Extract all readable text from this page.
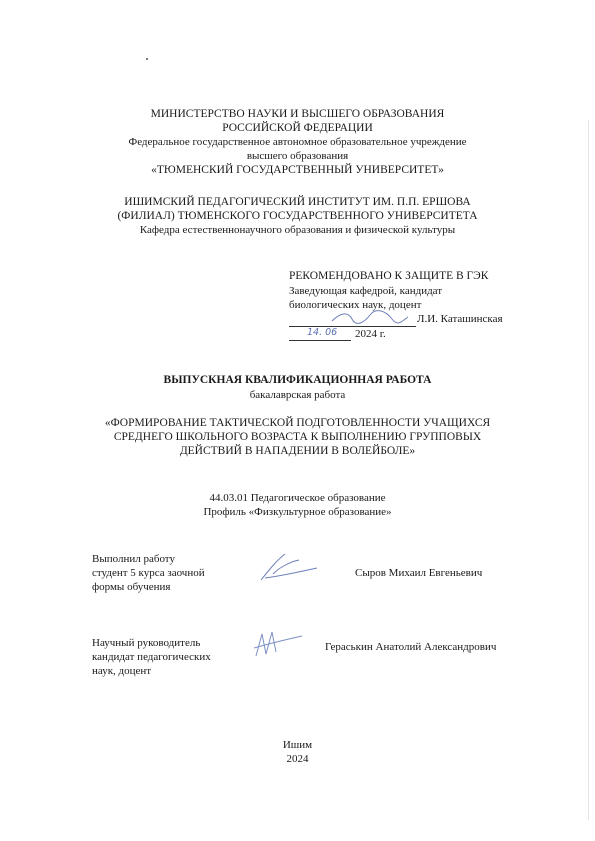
МИНИСТЕРСТВО НАУКИ И ВЫСШЕГО ОБРАЗОВАНИЯ
РОССИЙСКОЙ ФЕДЕРАЦИИ
Федеральное государственное автономное образовательное учреждение
высшего образования
«ТЮМЕНСКИЙ ГОСУДАРСТВЕННЫЙ УНИВЕРСИТЕТ»
ИШИМСКИЙ ПЕДАГОГИЧЕСКИЙ ИНСТИТУТ ИМ. П.П. ЕРШОВА
(ФИЛИАЛ) ТЮМЕНСКОГО ГОСУДАРСТВЕННОГО УНИВЕРСИТЕТА
Кафедра естественнонаучного образования и физической культуры
РЕКОМЕНДОВАНО К ЗАЩИТЕ В ГЭК
Заведующая кафедрой, кандидат
биологических наук, доцент
Л.И. Каташинская
14. 06 2024 г.
ВЫПУСКНАЯ КВАЛИФИКАЦИОННАЯ РАБОТА
бакалаврская работа
«ФОРМИРОВАНИЕ ТАКТИЧЕСКОЙ ПОДГОТОВЛЕННОСТИ УЧАЩИХСЯ
СРЕДНЕГО ШКОЛЬНОГО ВОЗРАСТА К ВЫПОЛНЕНИЮ ГРУППОВЫХ
ДЕЙСТВИЙ В НАПАДЕНИИ В ВОЛЕЙБОЛЕ»
44.03.01 Педагогическое образование
Профиль «Физкультурное образование»
Выполнил работу
студент 5 курса заочной
формы обучения
Сыров Михаил Евгеньевич
Научный руководитель
кандидат педагогических
наук, доцент
Гераськин Анатолий Александрович
Ишим
2024
